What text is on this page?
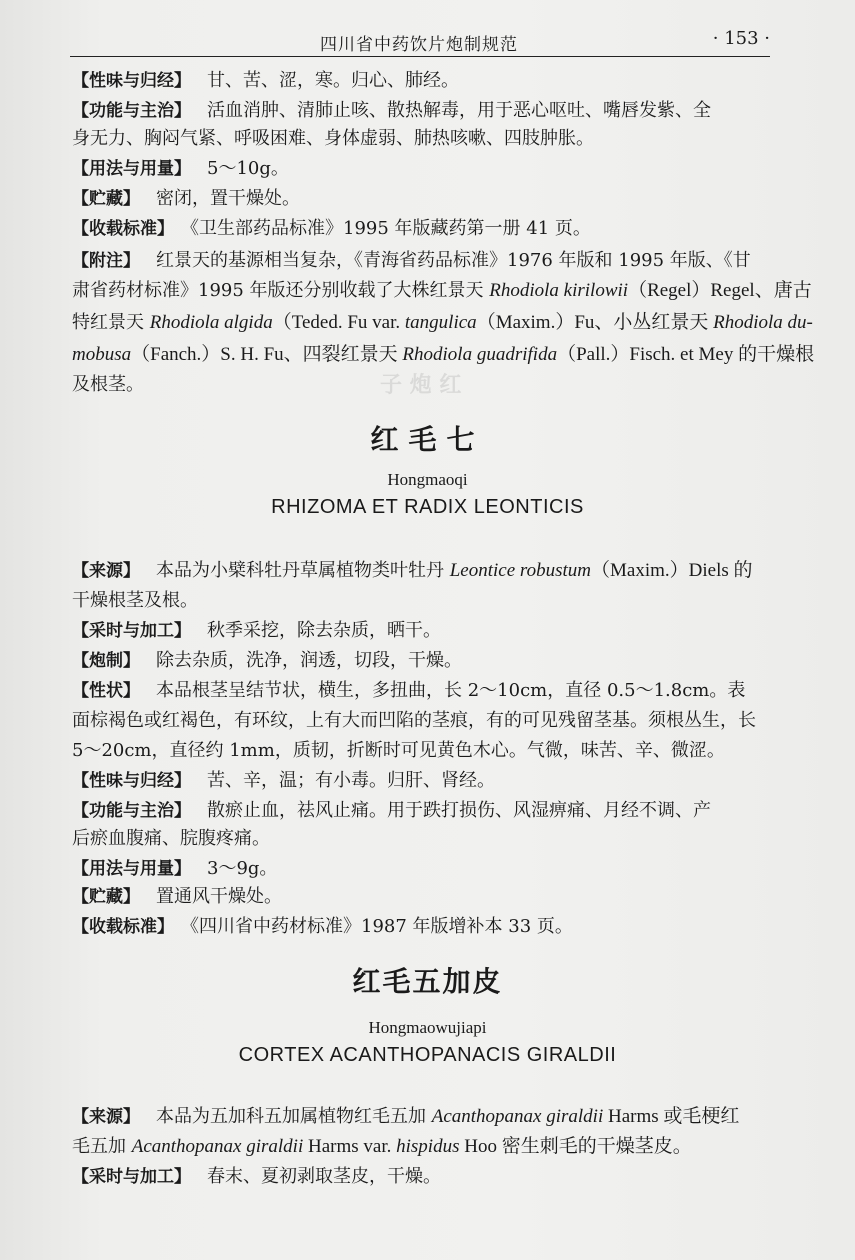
子 炮 红
四川省中药饮片炮制规范	· 153 ·
【 性味与归经 】 甘、苦、涩，寒。归心、肺经。
【 功能与主治 】 活血消肿、清肺止咳、散热解毒，用于恶心呕吐、嘴唇发紫、全
身无力、胸闷气紧、呼吸困难、身体虚弱、肺热咳嗽、四肢肿胀。
【 用法与用量 】 5～10g。
【 贮藏 】 密闭，置干燥处。
【 收载标准 】 《卫生部药品标准》1995 年版藏药第一册 41 页。
【 附注 】 红景天的基源相当复杂，《青海省药品标准》1976 年版和 1995 年版、《甘
肃省药材标准》1995 年版还分别收载了大株红景天 Rhodiola kirilowii（Regel）Regel、唐古
特红景天 Rhodiola algida（Teded. Fu var. tangulica（Maxim.）Fu、小丛红景天 Rhodiola du-
mobusa（Fanch.）S. H. Fu、四裂红景天 Rhodiola guadrifida（Pall.）Fisch. et Mey 的干燥根
及根茎。
红毛七
Hongmaoqi
RHIZOMA ET RADIX LEONTICIS
【 来源 】 本品为小檗科牡丹草属植物类叶牡丹 Leontice robustum（Maxim.）Diels 的
干燥根茎及根。
【 采时与加工 】 秋季采挖，除去杂质，晒干。
【 炮制 】 除去杂质，洗净，润透，切段，干燥。
【 性状 】 本品根茎呈结节状，横生，多扭曲，长 2～10cm，直径 0.5～1.8cm。表
面棕褐色或红褐色，有环纹，上有大而凹陷的茎痕，有的可见残留茎基。须根丛生，长
5～20cm，直径约 1mm，质韧，折断时可见黄色木心。气微，味苦、辛、微涩。
【 性味与归经 】 苦、辛，温；有小毒。归肝、肾经。
【 功能与主治 】 散瘀止血，祛风止痛。用于跌打损伤、风湿痹痛、月经不调、产
后瘀血腹痛、脘腹疼痛。
【 用法与用量 】 3～9g。
【 贮藏 】 置通风干燥处。
【 收载标准 】 《四川省中药材标准》1987 年版增补本 33 页。
红毛五加皮
Hongmaowujiapi
CORTEX ACANTHOPANACIS GIRALDII
【 来源 】 本品为五加科五加属植物红毛五加 Acanthopanax giraldii Harms 或毛梗红
毛五加 Acanthopanax giraldii Harms var. hispidus Hoo 密生刺毛的干燥茎皮。
【 采时与加工 】 春末、夏初剥取茎皮，干燥。
